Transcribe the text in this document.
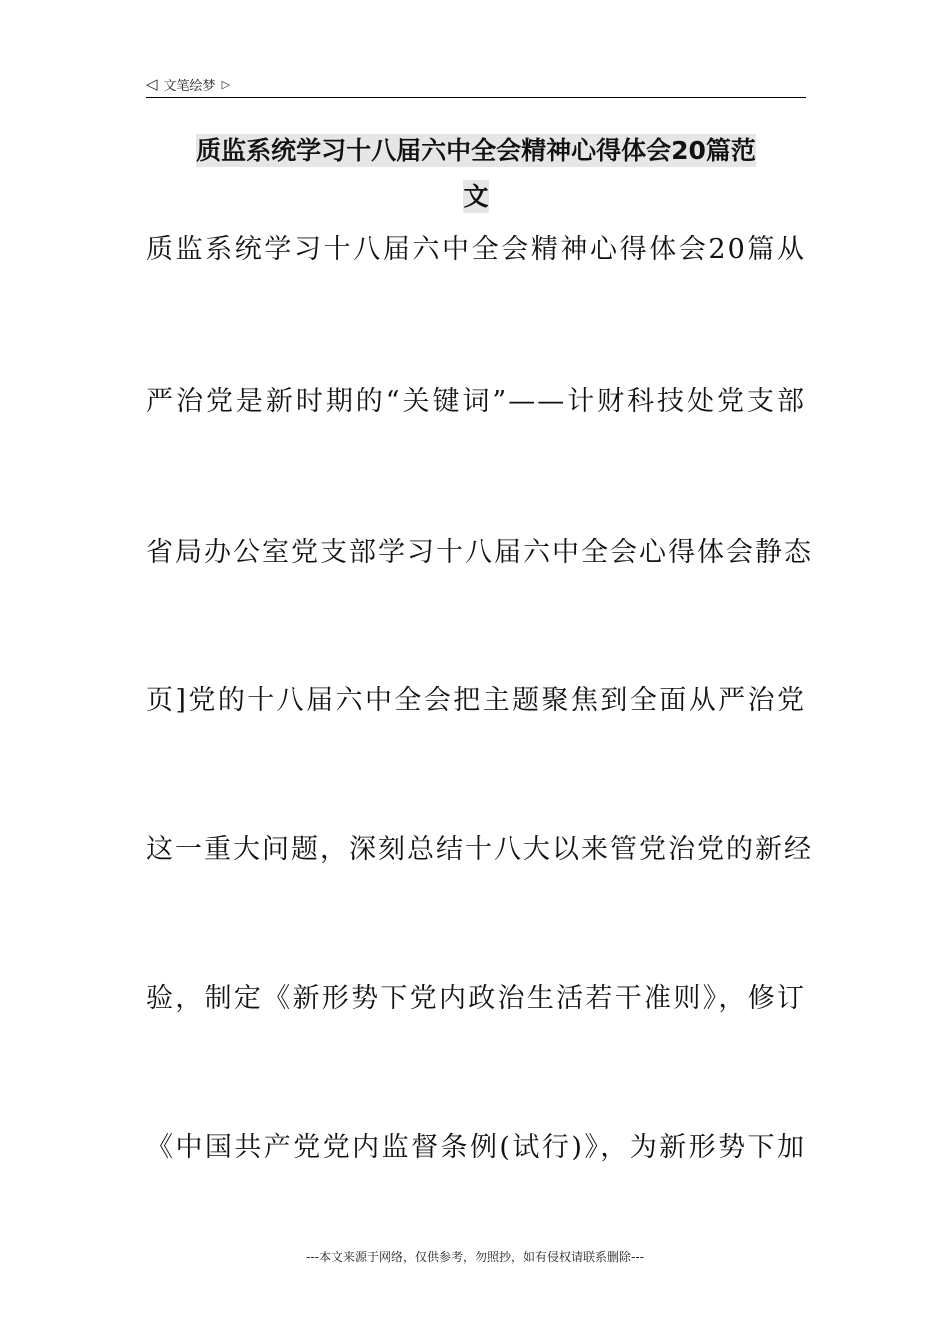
◁ 文笔绘梦 ▷
质监系统学习十八届六中全会精神心得体会20篇范
文
质监系统学习十八届六中全会精神心得体会20篇从
严治党是新时期的“关键词”——计财科技处党支部
省局办公室党支部学习十八届六中全会心得体会静态
页]党的十八届六中全会把主题聚焦到全面从严治党
这一重大问题，深刻总结十八大以来管党治党的新经
验，制定《新形势下党内政治生活若干准则》，修订
《中国共产党党内监督条例(试行)》，为新形势下加
---本文来源于网络，仅供参考，勿照抄，如有侵权请联系删除---
